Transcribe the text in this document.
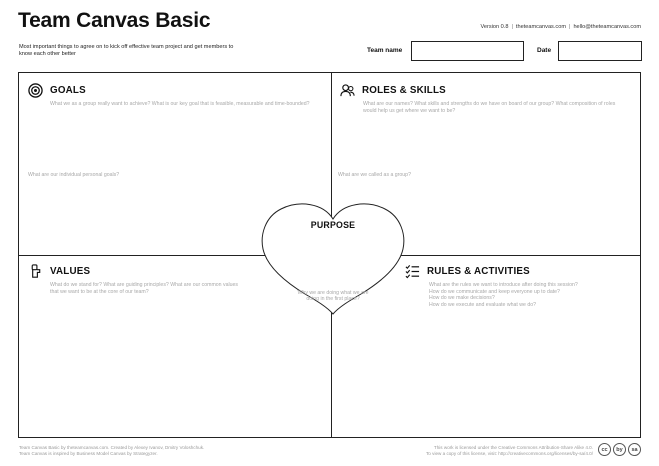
Team Canvas Basic
Most important things to agree on to kick off effective team project and get members to know each other better
Version 0.8 | theteamcanvas.com | hello@theteamcanvas.com
Team name	Date
GOALS
What we as a group really want to achieve? What is our key goal that is feasible, measurable and time-bounded?
What are our individual personal goals?
ROLES & SKILLS
What are our names? What skills and strengths do we have on board of our group? What composition of roles would help us get where we want to be?
What are we called as a group?
VALUES
What do we stand for? What are guiding principles? What are our common values that we want to be at the core of our team?
RULES & ACTIVITIES
What are the rules we want to introduce after doing this session?
How do we communicate and keep everyone up to date?
How do we make decisions?
How do we execute and evaluate what we do?
PURPOSE
Why we are doing what we are doing in the first place?
Team Canvas Basic by theteamcanvas.com. Created by Alexey Ivanov, Dmitry Voloshchuk.
Team Canvas is inspired by Business Model Canvas by Strategyzer.
This work is licensed under the Creative Commons Attribution-Share Alike 4.0.
To view a copy of this license, visit: http://creativecommons.org/licenses/by-sa/4.0/
cc	by	sa
